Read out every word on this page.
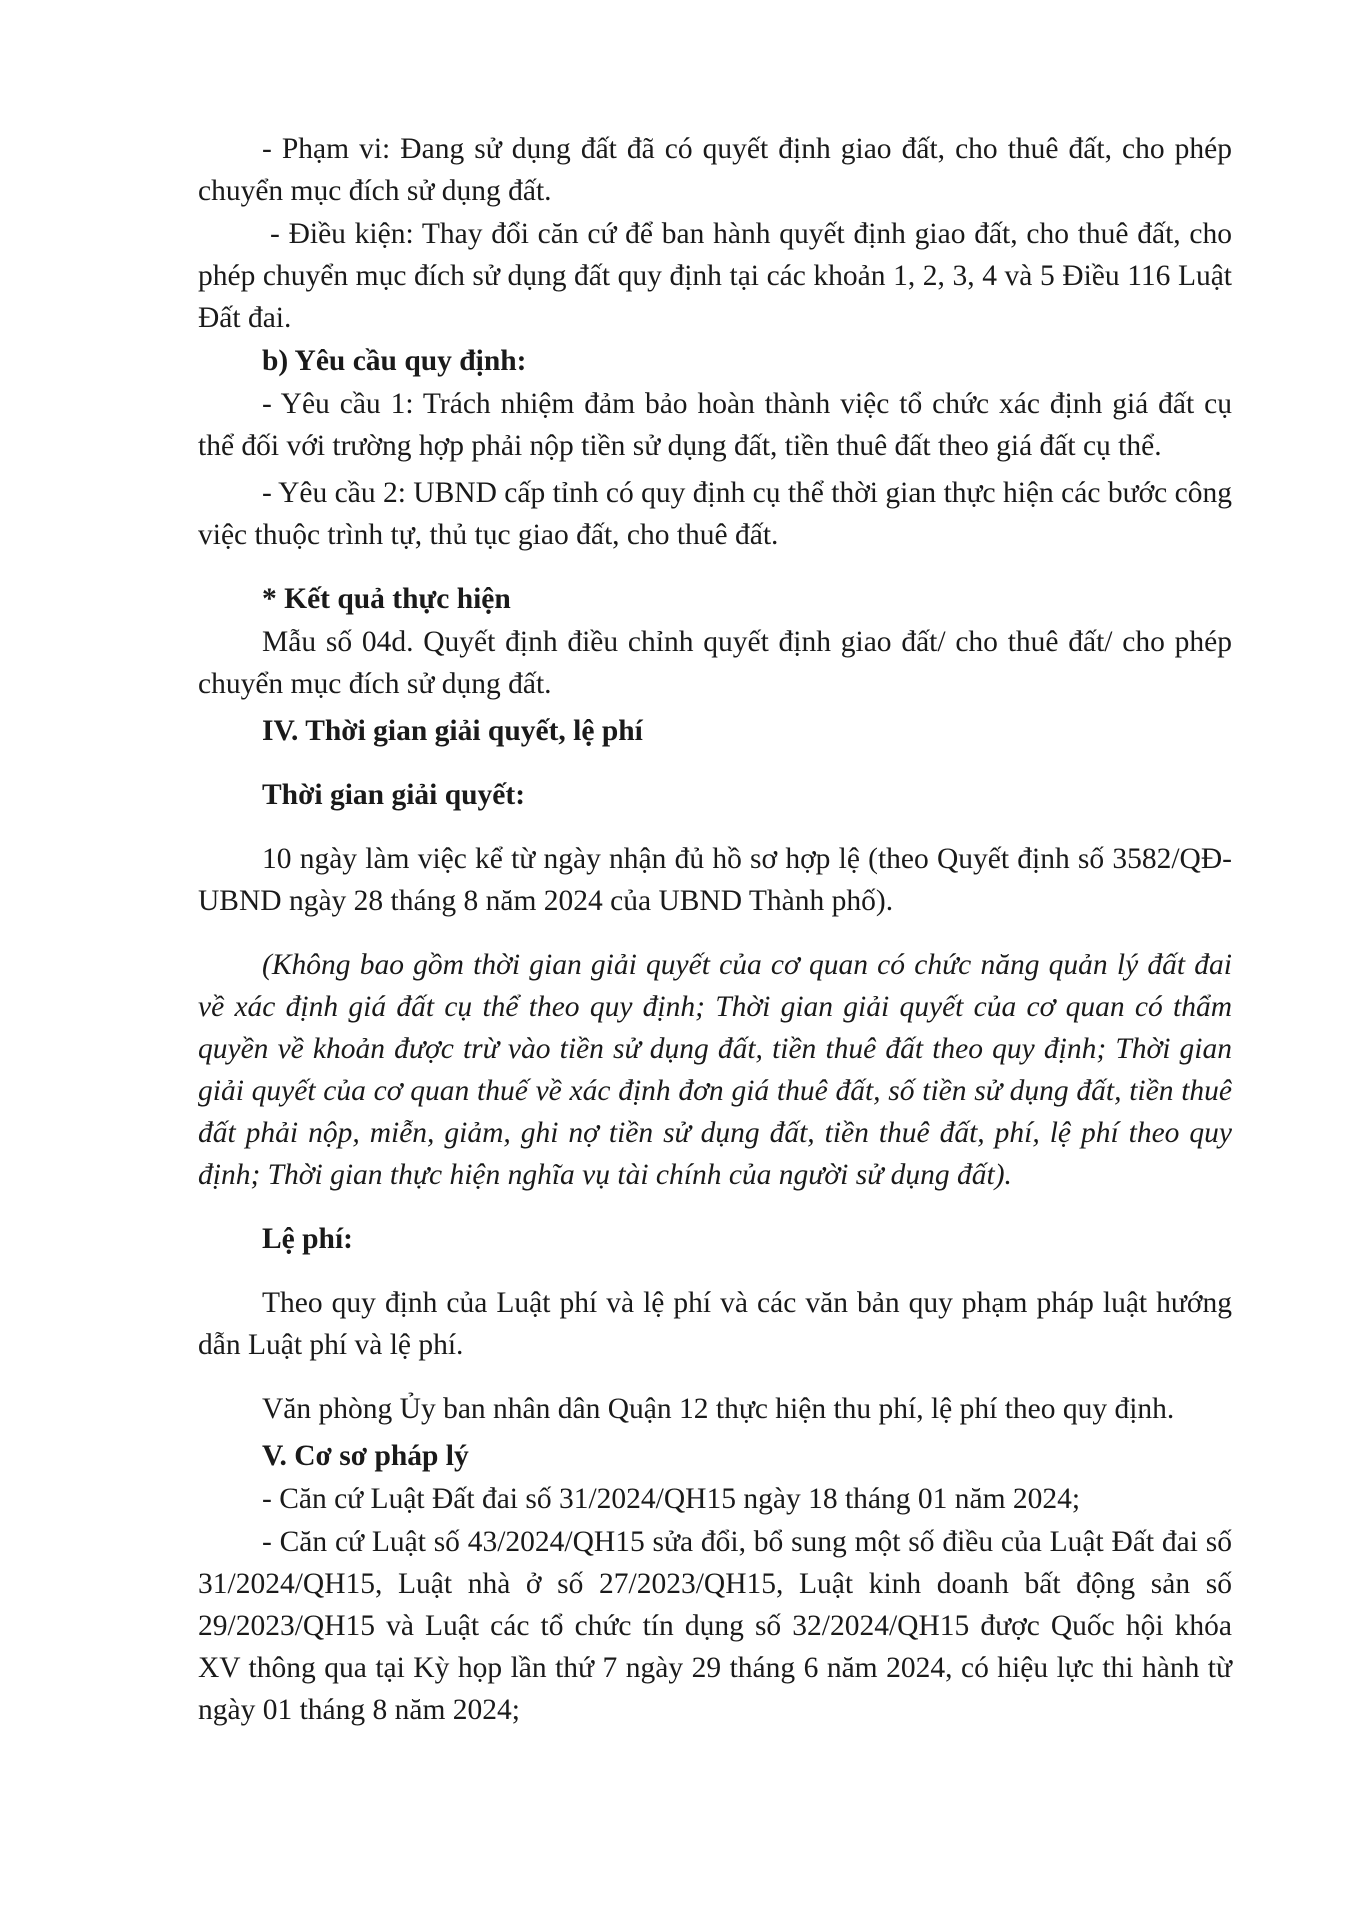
- Phạm vi: Đang sử dụng đất đã có quyết định giao đất, cho thuê đất, cho phép chuyển mục đích sử dụng đất.

- Điều kiện: Thay đổi căn cứ để ban hành quyết định giao đất, cho thuê đất, cho phép chuyển mục đích sử dụng đất quy định tại các khoản 1, 2, 3, 4 và 5 Điều 116 Luật Đất đai.

b) Yêu cầu quy định:

- Yêu cầu 1: Trách nhiệm đảm bảo hoàn thành việc tổ chức xác định giá đất cụ thể đối với trường hợp phải nộp tiền sử dụng đất, tiền thuê đất theo giá đất cụ thể.

- Yêu cầu 2: UBND cấp tỉnh có quy định cụ thể thời gian thực hiện các bước công việc thuộc trình tự, thủ tục giao đất, cho thuê đất.

* Kết quả thực hiện

Mẫu số 04d. Quyết định điều chỉnh quyết định giao đất/ cho thuê đất/ cho phép chuyển mục đích sử dụng đất.

IV. Thời gian giải quyết, lệ phí

Thời gian giải quyết:

10 ngày làm việc kể từ ngày nhận đủ hồ sơ hợp lệ (theo Quyết định số 3582/QĐ-UBND ngày 28 tháng 8 năm 2024 của UBND Thành phố).

(Không bao gồm thời gian giải quyết của cơ quan có chức năng quản lý đất đai về xác định giá đất cụ thể theo quy định; Thời gian giải quyết của cơ quan có thẩm quyền về khoản được trừ vào tiền sử dụng đất, tiền thuê đất theo quy định; Thời gian giải quyết của cơ quan thuế về xác định đơn giá thuê đất, số tiền sử dụng đất, tiền thuê đất phải nộp, miễn, giảm, ghi nợ tiền sử dụng đất, tiền thuê đất, phí, lệ phí theo quy định; Thời gian thực hiện nghĩa vụ tài chính của người sử dụng đất).

Lệ phí:

Theo quy định của Luật phí và lệ phí và các văn bản quy phạm pháp luật hướng dẫn Luật phí và lệ phí.

Văn phòng Ủy ban nhân dân Quận 12 thực hiện thu phí, lệ phí theo quy định.

V. Cơ sơ pháp lý

- Căn cứ Luật Đất đai số 31/2024/QH15 ngày 18 tháng 01 năm 2024;

- Căn cứ Luật số 43/2024/QH15 sửa đổi, bổ sung một số điều của Luật Đất đai số 31/2024/QH15, Luật nhà ở số 27/2023/QH15, Luật kinh doanh bất động sản số 29/2023/QH15 và Luật các tổ chức tín dụng số 32/2024/QH15 được Quốc hội khóa XV thông qua tại Kỳ họp lần thứ 7 ngày 29 tháng 6 năm 2024, có hiệu lực thi hành từ ngày 01 tháng 8 năm 2024;
